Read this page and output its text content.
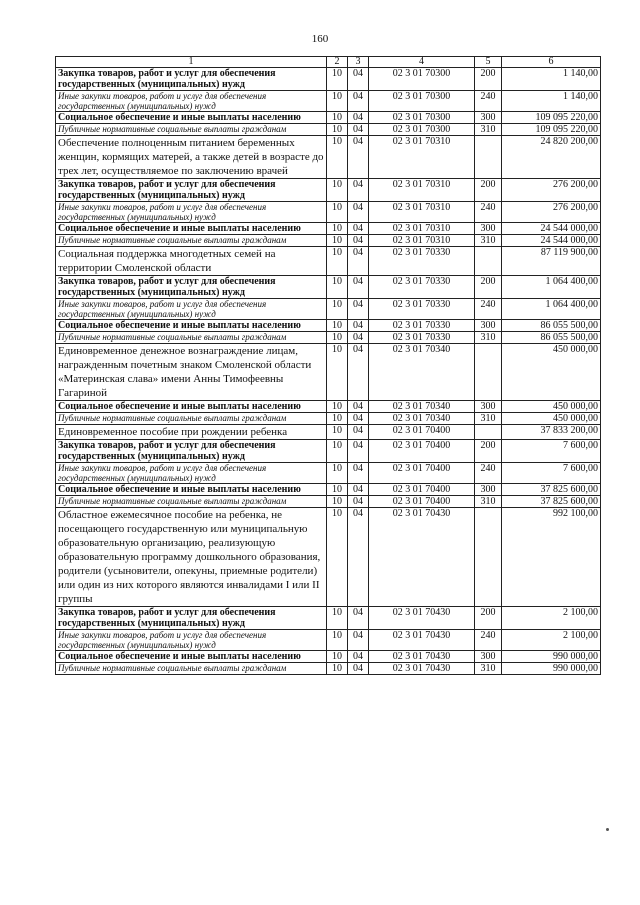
160
1	2	3	4	5	6
Закупка товаров, работ и услуг для обеспечения государственных (муниципальных) нужд	10	04	02 3 01 70300	200	1 140,00
Иные закупки товаров, работ и услуг для обеспечения государственных (муниципальных) нужд	10	04	02 3 01 70300	240	1 140,00
Социальное обеспечение и иные выплаты населению	10	04	02 3 01 70300	300	109 095 220,00
Публичные нормативные социальные выплаты гражданам	10	04	02 3 01 70300	310	109 095 220,00
Обеспечение полноценным питанием беременных женщин, кормящих матерей, а также детей в возрасте до трех лет, осуществляемое по заключению врачей	10	04	02 3 01 70310		24 820 200,00
Закупка товаров, работ и услуг для обеспечения государственных (муниципальных) нужд	10	04	02 3 01 70310	200	276 200,00
Иные закупки товаров, работ и услуг для обеспечения государственных (муниципальных) нужд	10	04	02 3 01 70310	240	276 200,00
Социальное обеспечение и иные выплаты населению	10	04	02 3 01 70310	300	24 544 000,00
Публичные нормативные социальные выплаты гражданам	10	04	02 3 01 70310	310	24 544 000,00
Социальная поддержка многодетных семей на территории Смоленской области	10	04	02 3 01 70330		87 119 900,00
Закупка товаров, работ и услуг для обеспечения государственных (муниципальных) нужд	10	04	02 3 01 70330	200	1 064 400,00
Иные закупки товаров, работ и услуг для обеспечения государственных (муниципальных) нужд	10	04	02 3 01 70330	240	1 064 400,00
Социальное обеспечение и иные выплаты населению	10	04	02 3 01 70330	300	86 055 500,00
Публичные нормативные социальные выплаты гражданам	10	04	02 3 01 70330	310	86 055 500,00
Единовременное денежное вознаграждение лицам, награжденным почетным знаком Смоленской области «Материнская слава» имени Анны Тимофеевны Гагариной	10	04	02 3 01 70340		450 000,00
Социальное обеспечение и иные выплаты населению	10	04	02 3 01 70340	300	450 000,00
Публичные нормативные социальные выплаты гражданам	10	04	02 3 01 70340	310	450 000,00
Единовременное пособие при рождении ребенка	10	04	02 3 01 70400		37 833 200,00
Закупка товаров, работ и услуг для обеспечения государственных (муниципальных) нужд	10	04	02 3 01 70400	200	7 600,00
Иные закупки товаров, работ и услуг для обеспечения государственных (муниципальных) нужд	10	04	02 3 01 70400	240	7 600,00
Социальное обеспечение и иные выплаты населению	10	04	02 3 01 70400	300	37 825 600,00
Публичные нормативные социальные выплаты гражданам	10	04	02 3 01 70400	310	37 825 600,00
Областное ежемесячное пособие на ребенка, не посещающего государственную или муниципальную образовательную организацию, реализующую образовательную программу дошкольного образования, родители (усыновители, опекуны, приемные родители) или один из них которого являются инвалидами I или II группы	10	04	02 3 01 70430		992 100,00
Закупка товаров, работ и услуг для обеспечения государственных (муниципальных) нужд	10	04	02 3 01 70430	200	2 100,00
Иные закупки товаров, работ и услуг для обеспечения государственных (муниципальных) нужд	10	04	02 3 01 70430	240	2 100,00
Социальное обеспечение и иные выплаты населению	10	04	02 3 01 70430	300	990 000,00
Публичные нормативные социальные выплаты гражданам	10	04	02 3 01 70430	310	990 000,00
